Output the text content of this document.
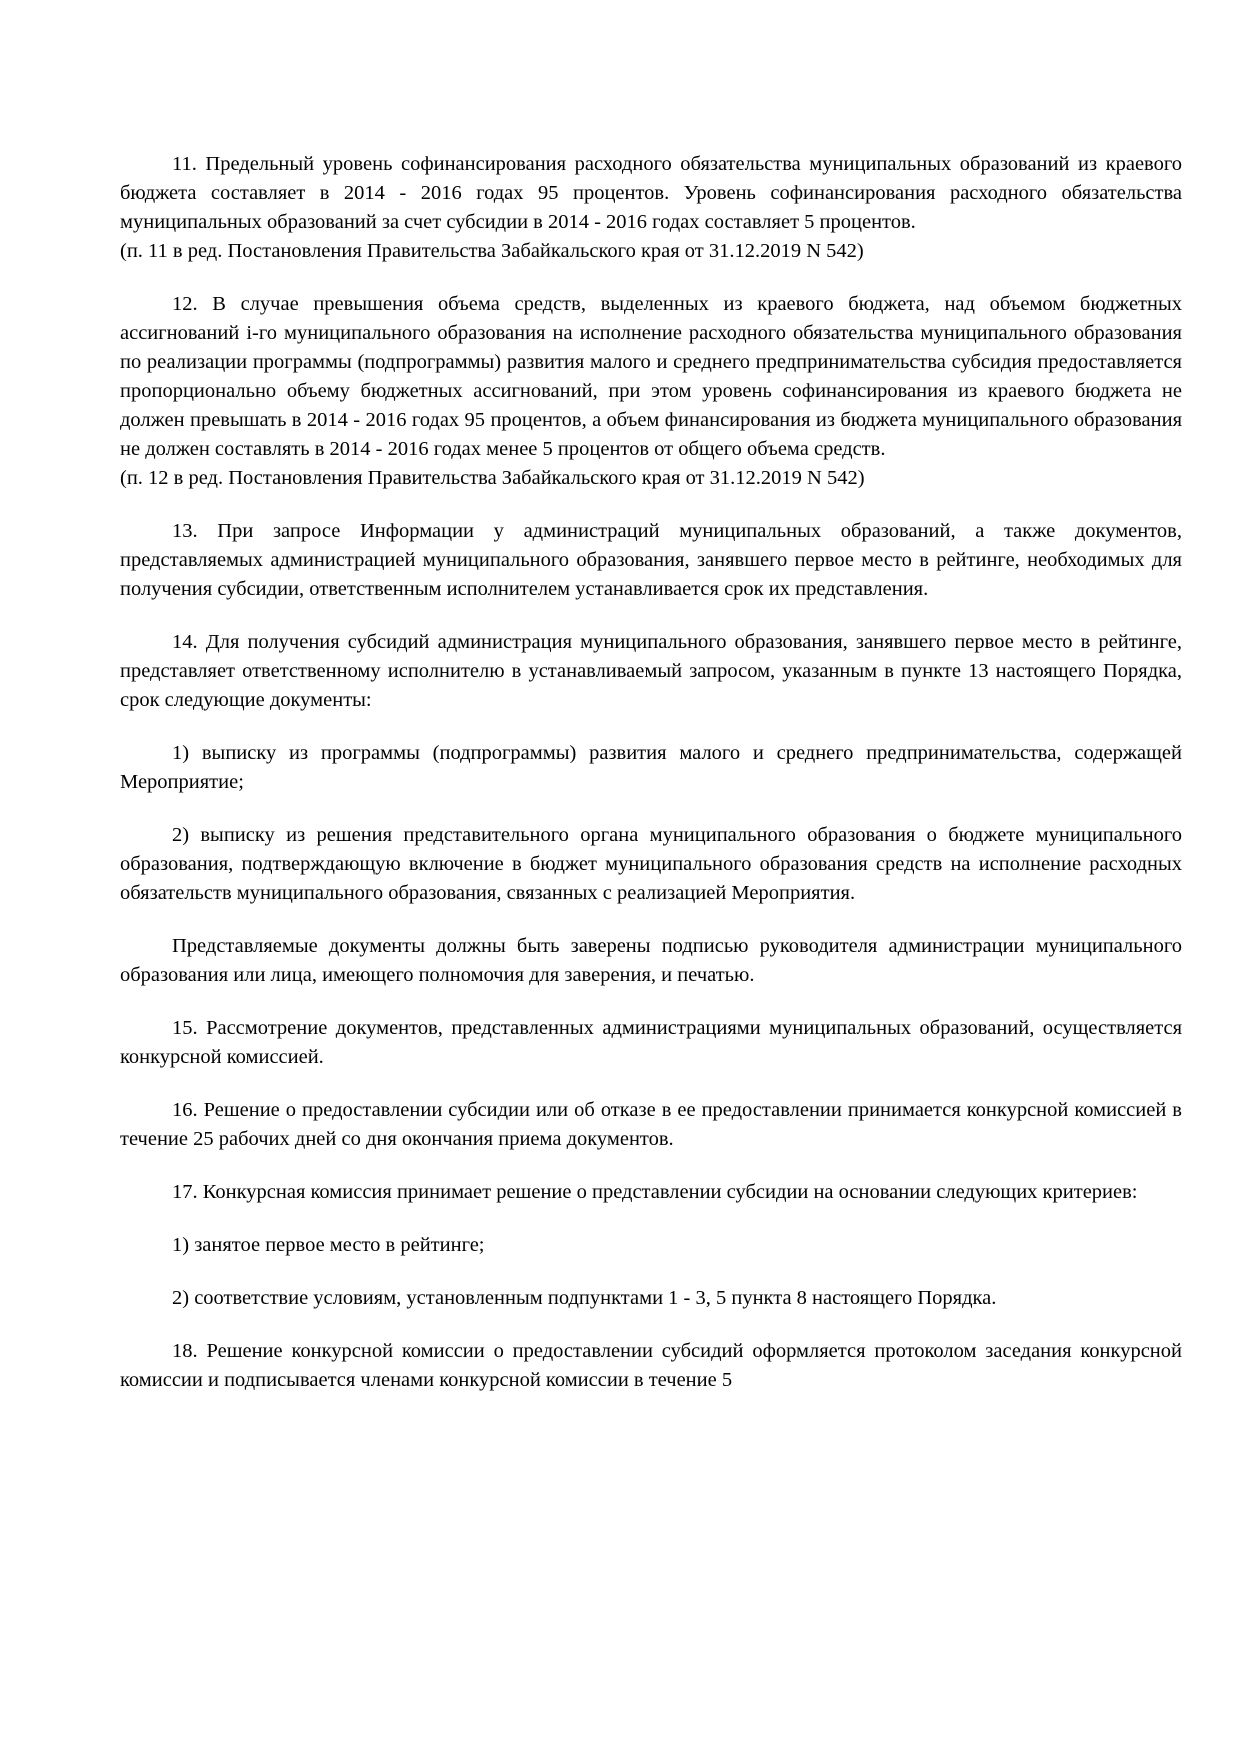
11. Предельный уровень софинансирования расходного обязательства муниципальных образований из краевого бюджета составляет в 2014 - 2016 годах 95 процентов. Уровень софинансирования расходного обязательства муниципальных образований за счет субсидии в 2014 - 2016 годах составляет 5 процентов.

(п. 11 в ред. Постановления Правительства Забайкальского края от 31.12.2019 N 542)

12. В случае превышения объема средств, выделенных из краевого бюджета, над объемом бюджетных ассигнований i-го муниципального образования на исполнение расходного обязательства муниципального образования по реализации программы (подпрограммы) развития малого и среднего предпринимательства субсидия предоставляется пропорционально объему бюджетных ассигнований, при этом уровень софинансирования из краевого бюджета не должен превышать в 2014 - 2016 годах 95 процентов, а объем финансирования из бюджета муниципального образования не должен составлять в 2014 - 2016 годах менее 5 процентов от общего объема средств.

(п. 12 в ред. Постановления Правительства Забайкальского края от 31.12.2019 N 542)

13. При запросе Информации у администраций муниципальных образований, а также документов, представляемых администрацией муниципального образования, занявшего первое место в рейтинге, необходимых для получения субсидии, ответственным исполнителем устанавливается срок их представления.

14. Для получения субсидий администрация муниципального образования, занявшего первое место в рейтинге, представляет ответственному исполнителю в устанавливаемый запросом, указанным в пункте 13 настоящего Порядка, срок следующие документы:

1) выписку из программы (подпрограммы) развития малого и среднего предпринимательства, содержащей Мероприятие;

2) выписку из решения представительного органа муниципального образования о бюджете муниципального образования, подтверждающую включение в бюджет муниципального образования средств на исполнение расходных обязательств муниципального образования, связанных с реализацией Мероприятия.

Представляемые документы должны быть заверены подписью руководителя администрации муниципального образования или лица, имеющего полномочия для заверения, и печатью.

15. Рассмотрение документов, представленных администрациями муниципальных образований, осуществляется конкурсной комиссией.

16. Решение о предоставлении субсидии или об отказе в ее предоставлении принимается конкурсной комиссией в течение 25 рабочих дней со дня окончания приема документов.

17. Конкурсная комиссия принимает решение о представлении субсидии на основании следующих критериев:

1) занятое первое место в рейтинге;

2) соответствие условиям, установленным подпунктами 1 - 3, 5 пункта 8 настоящего Порядка.

18. Решение конкурсной комиссии о предоставлении субсидий оформляется протоколом заседания конкурсной комиссии и подписывается членами конкурсной комиссии в течение 5
